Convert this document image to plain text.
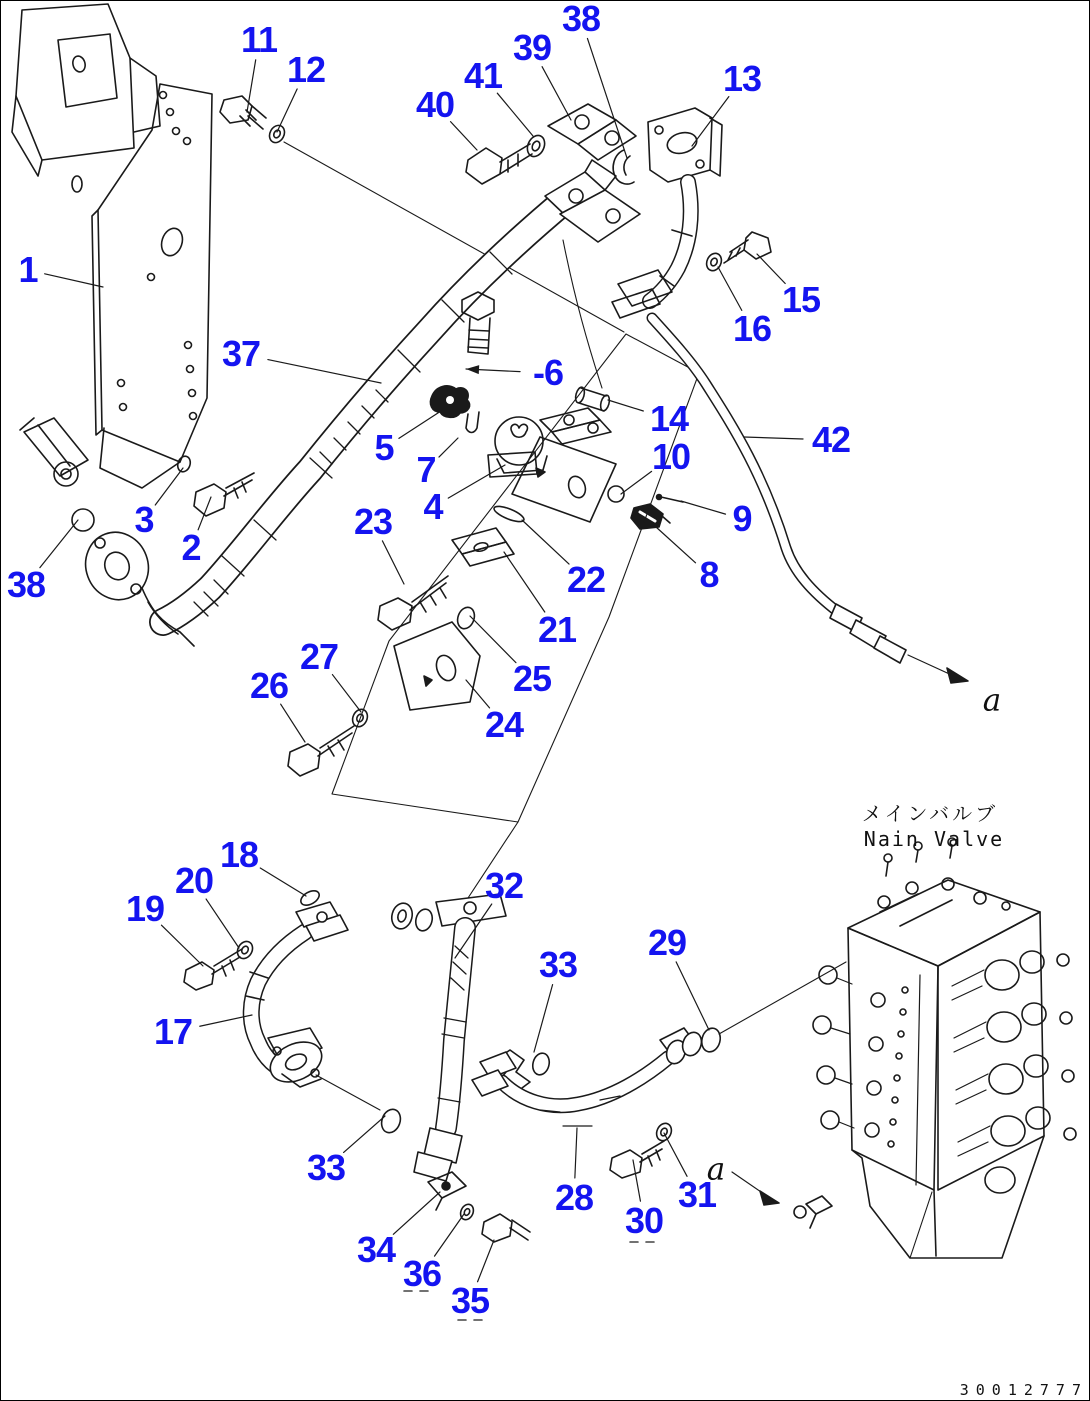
メインバルブ
Nain Valve
30012777
11
12
38
39
41
40
13
1
15
16
37	-6
5
7
14
42
10
4	9
3
2
23
8
22
38
21
25
27
26
24
18
20
19
32
29
33
17
33
28 31
30
34
36
35
a
a
